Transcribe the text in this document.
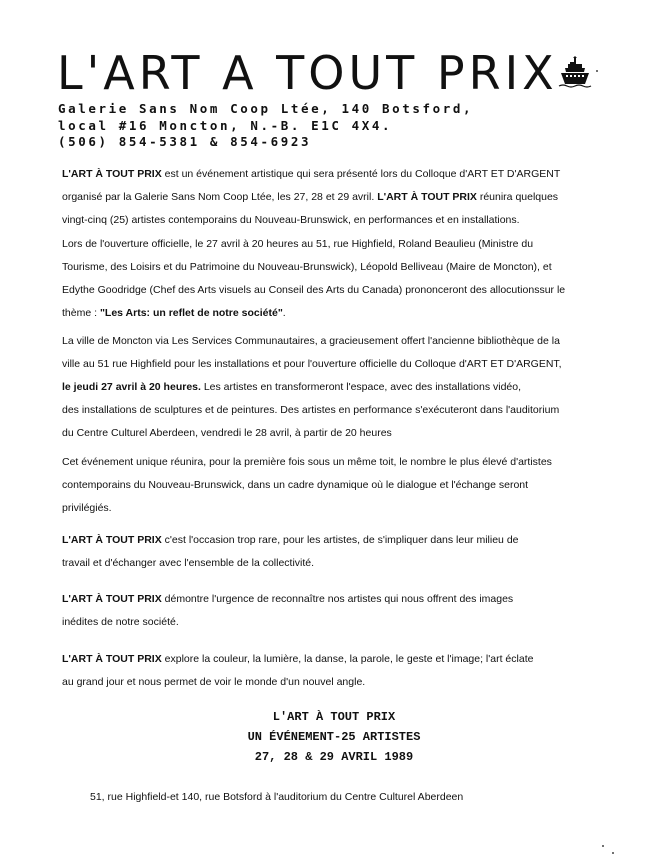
L'ART A TOUT PRIX
Galerie Sans Nom Coop Ltée, 140 Botsford,
local #16 Moncton, N.-B. E1C 4X4.
(506) 854-5381 & 854-6923
L'ART À TOUT PRIX est un événement artistique qui sera présenté lors du Colloque d'ART ET D'ARGENT
organisé par la Galerie Sans Nom Coop Ltée, les 27, 28 et 29 avril. L'ART À TOUT PRIX réunira quelques
vingt-cinq (25) artistes contemporains du Nouveau-Brunswick, en performances et en installations.
Lors de l'ouverture officielle, le 27 avril à 20 heures au 51, rue Highfield, Roland Beaulieu (Ministre du
Tourisme, des Loisirs et du Patrimoine du Nouveau-Brunswick), Léopold Belliveau (Maire de Moncton), et
Edythe Goodridge (Chef des Arts visuels au Conseil des Arts du Canada) prononceront des allocutionssur le
thème : "Les Arts: un reflet de notre société".
La ville de Moncton via Les Services Communautaires, a gracieusement offert l'ancienne bibliothèque de la
ville au 51 rue Highfield pour les installations et pour l'ouverture officielle du Colloque d'ART ET D'ARGENT,
le jeudi 27 avril à 20 heures. Les artistes en transformeront l'espace, avec des installations vidéo,
des installations de sculptures et de peintures. Des artistes en performance s'exécuteront dans l'auditorium
du Centre Culturel Aberdeen, vendredi le 28 avril, à partir de 20 heures
Cet événement unique réunira, pour la première fois sous un même toit, le nombre le plus élevé d'artistes
contemporains du Nouveau-Brunswick, dans un cadre dynamique où le dialogue et l'échange seront
privilégiés.
L'ART À TOUT PRIX c'est l'occasion trop rare, pour les artistes, de s'impliquer dans leur milieu de
travail et d'échanger avec l'ensemble de la collectivité.
L'ART À TOUT PRIX démontre l'urgence de reconnaître nos artistes qui nous offrent des images
inédites de notre société.
L'ART À TOUT PRIX explore la couleur, la lumière, la danse, la parole, le geste et l'image; l'art éclate
au grand jour et nous permet de voir le monde d'un nouvel angle.
L'ART À TOUT PRIX
UN ÉVÉNEMENT-25 ARTISTES
27, 28 & 29 AVRIL 1989
51, rue Highfield-et 140, rue Botsford à l'auditorium du Centre Culturel Aberdeen
